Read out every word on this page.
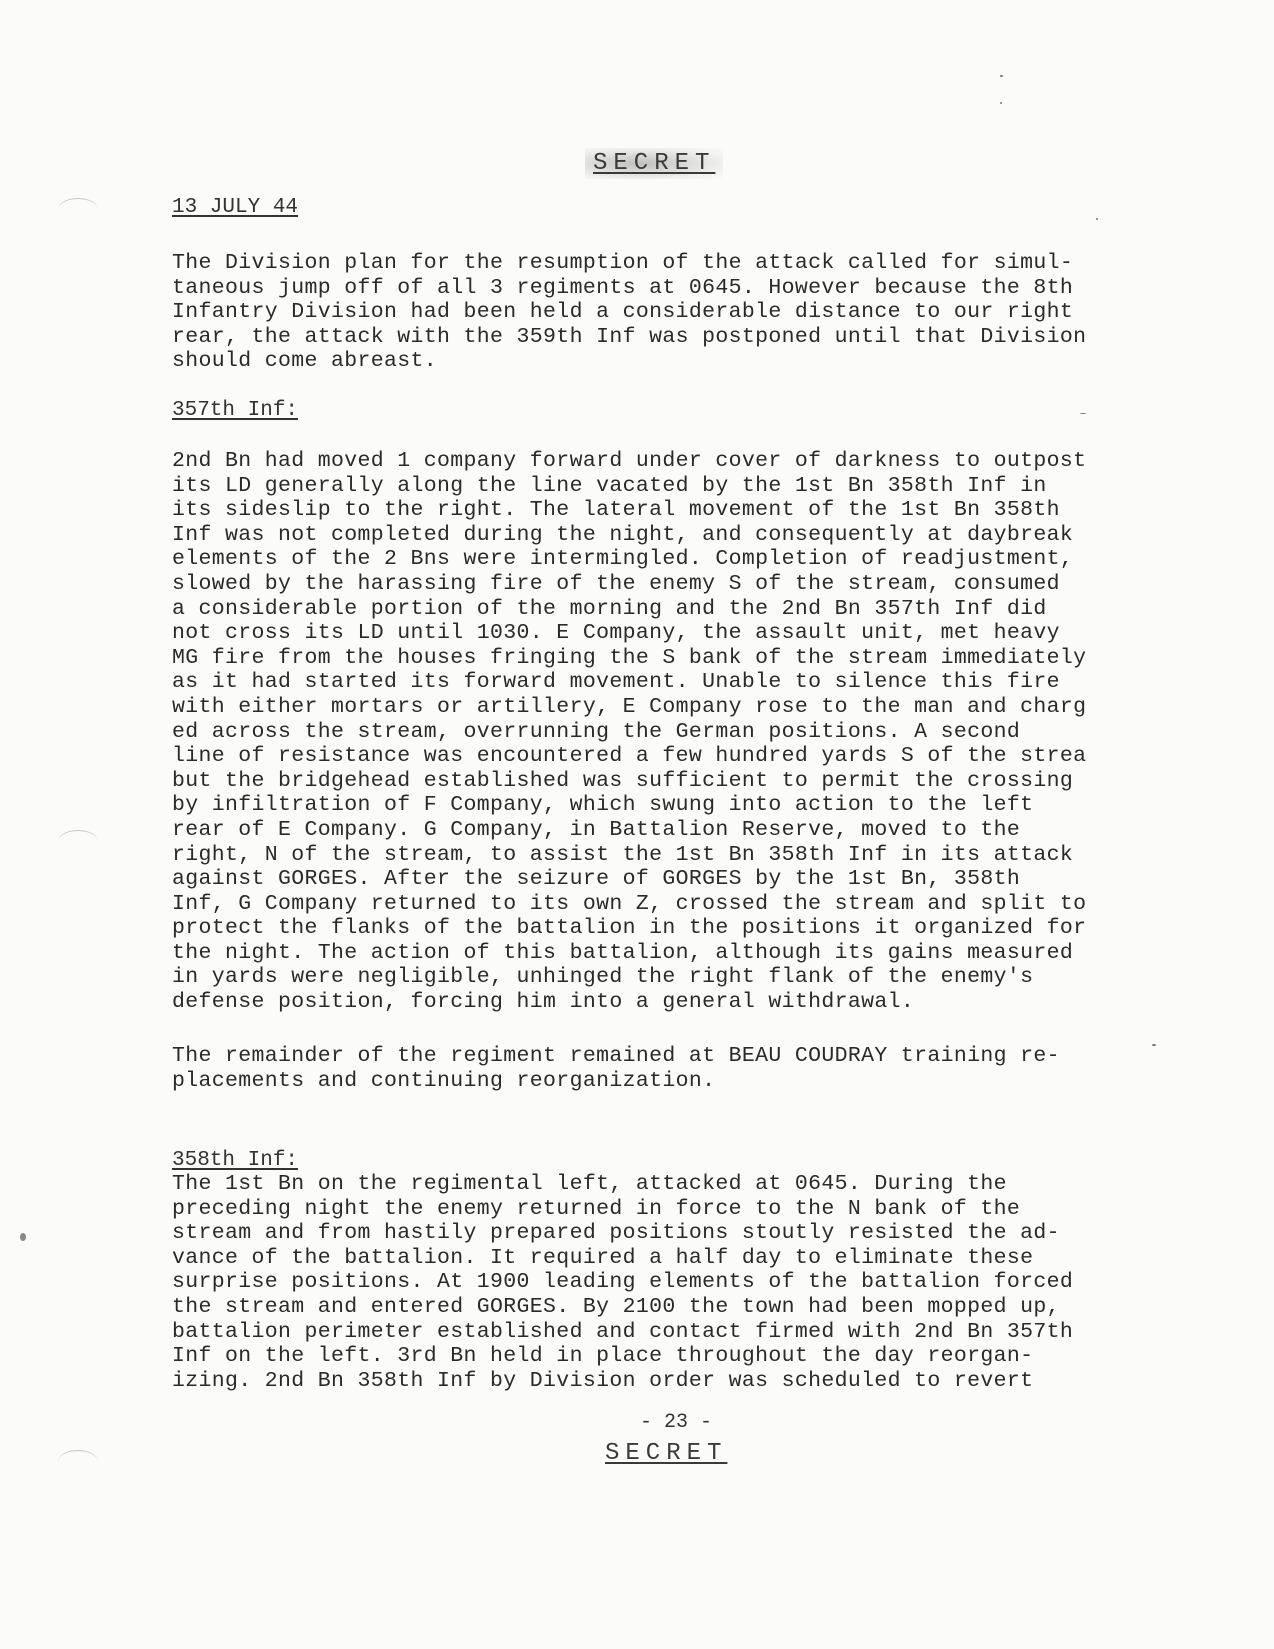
SECRET
13 JULY 44
The Division plan for the resumption of the attack called for simul-
taneous jump off of all 3 regiments at 0645. However because the 8th
Infantry Division had been held a considerable distance to our right
rear, the attack with the 359th Inf was postponed until that Division
should come abreast.
357th Inf:
2nd Bn had moved 1 company forward under cover of darkness to outpost
its LD generally along the line vacated by the 1st Bn 358th Inf in
its sideslip to the right. The lateral movement of the 1st Bn 358th
Inf was not completed during the night, and consequently at daybreak
elements of the 2 Bns were intermingled. Completion of readjustment,
slowed by the harassing fire of the enemy S of the stream, consumed
a considerable portion of the morning and the 2nd Bn 357th Inf did
not cross its LD until 1030. E Company, the assault unit, met heavy
MG fire from the houses fringing the S bank of the stream immediately
as it had started its forward movement. Unable to silence this fire
with either mortars or artillery, E Company rose to the man and charg
ed across the stream, overrunning the German positions. A second
line of resistance was encountered a few hundred yards S of the strea
but the bridgehead established was sufficient to permit the crossing
by infiltration of F Company, which swung into action to the left
rear of E Company. G Company, in Battalion Reserve, moved to the
right, N of the stream, to assist the 1st Bn 358th Inf in its attack
against GORGES. After the seizure of GORGES by the 1st Bn, 358th
Inf, G Company returned to its own Z, crossed the stream and split to
protect the flanks of the battalion in the positions it organized for
the night. The action of this battalion, although its gains measured
in yards were negligible, unhinged the right flank of the enemy's
defense position, forcing him into a general withdrawal.
The remainder of the regiment remained at BEAU COUDRAY training re-
placements and continuing reorganization.
358th Inf:
The 1st Bn on the regimental left, attacked at 0645. During the
preceding night the enemy returned in force to the N bank of the
stream and from hastily prepared positions stoutly resisted the ad-
vance of the battalion. It required a half day to eliminate these
surprise positions. At 1900 leading elements of the battalion forced
the stream and entered GORGES. By 2100 the town had been mopped up,
battalion perimeter established and contact firmed with 2nd Bn 357th
Inf on the left. 3rd Bn held in place throughout the day reorgan-
izing. 2nd Bn 358th Inf by Division order was scheduled to revert
- 23 -
SECRET
